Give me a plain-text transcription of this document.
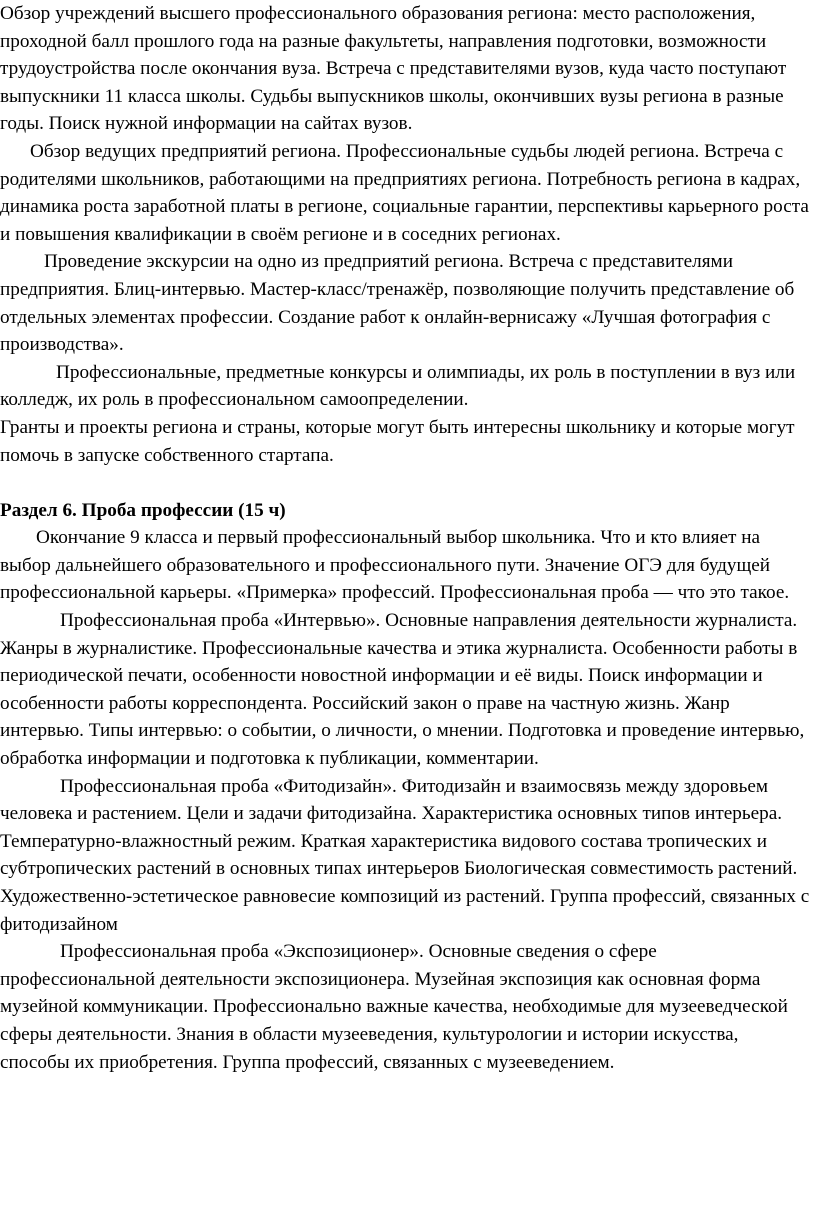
Обзор учреждений высшего профессионального образования региона: место расположения, проходной балл прошлого года на разные факультеты, направления подготовки, возможности трудоустройства после окончания вуза. Встреча с представителями вузов, куда часто поступают выпускники 11 класса школы. Судьбы выпускников школы, окончивших вузы региона в разные годы. Поиск нужной информации на сайтах вузов.

Обзор ведущих предприятий региона. Профессиональные судьбы людей региона. Встреча с родителями школьников, работающими на предприятиях региона. Потребность региона в кадрах, динамика роста заработной платы в регионе, социальные гарантии, перспективы карьерного роста и повышения квалификации в своём регионе и в соседних регионах.

Проведение экскурсии на одно из предприятий региона. Встреча с представителями предприятия. Блиц-интервью. Мастер-класс/тренажёр, позволяющие получить представление об отдельных элементах профессии. Создание работ к онлайн-вернисажу «Лучшая фотография с производства».

Профессиональные, предметные конкурсы и олимпиады, их роль в поступлении в вуз или колледж, их роль в профессиональном самоопределении.

Гранты и проекты региона и страны, которые могут быть интересны школьнику и которые могут помочь в запуске собственного стартапа.

Раздел 6. Проба профессии (15 ч)

Окончание 9 класса и первый профессиональный выбор школьника. Что и кто влияет на выбор дальнейшего образовательного и профессионального пути. Значение ОГЭ для будущей профессиональной карьеры. «Примерка» профессий. Профессиональная проба — что это такое.

Профессиональная проба «Интервью». Основные направления деятельности журналиста. Жанры в журналистике. Профессиональные качества и этика журналиста. Особенности работы в периодической печати, особенности новостной информации и её виды. Поиск информации и особенности работы корреспондента. Российский закон о праве на частную жизнь. Жанр интервью. Типы интервью: о событии, о личности, о мнении. Подготовка и проведение интервью, обработка информации и подготовка к публикации, комментарии.

Профессиональная проба «Фитодизайн». Фитодизайн и взаимосвязь между здоровьем человека и растением. Цели и задачи фитодизайна. Характеристика основных типов интерьера. Температурно-влажностный режим. Краткая характеристика видового состава тропических и субтропических растений в основных типах интерьеров Биологическая совместимость растений. Художественно-эстетическое равновесие композиций из растений. Группа профессий, связанных с фитодизайном

Профессиональная проба «Экспозиционер». Основные сведения о сфере профессиональной деятельности экспозиционера. Музейная экспозиция как основная форма музейной коммуникации. Профессионально важные качества, необходимые для музееведческой сферы деятельности. Знания в области музееведения, культурологии и истории искусства, способы их приобретения. Группа профессий, связанных с музееведением.
